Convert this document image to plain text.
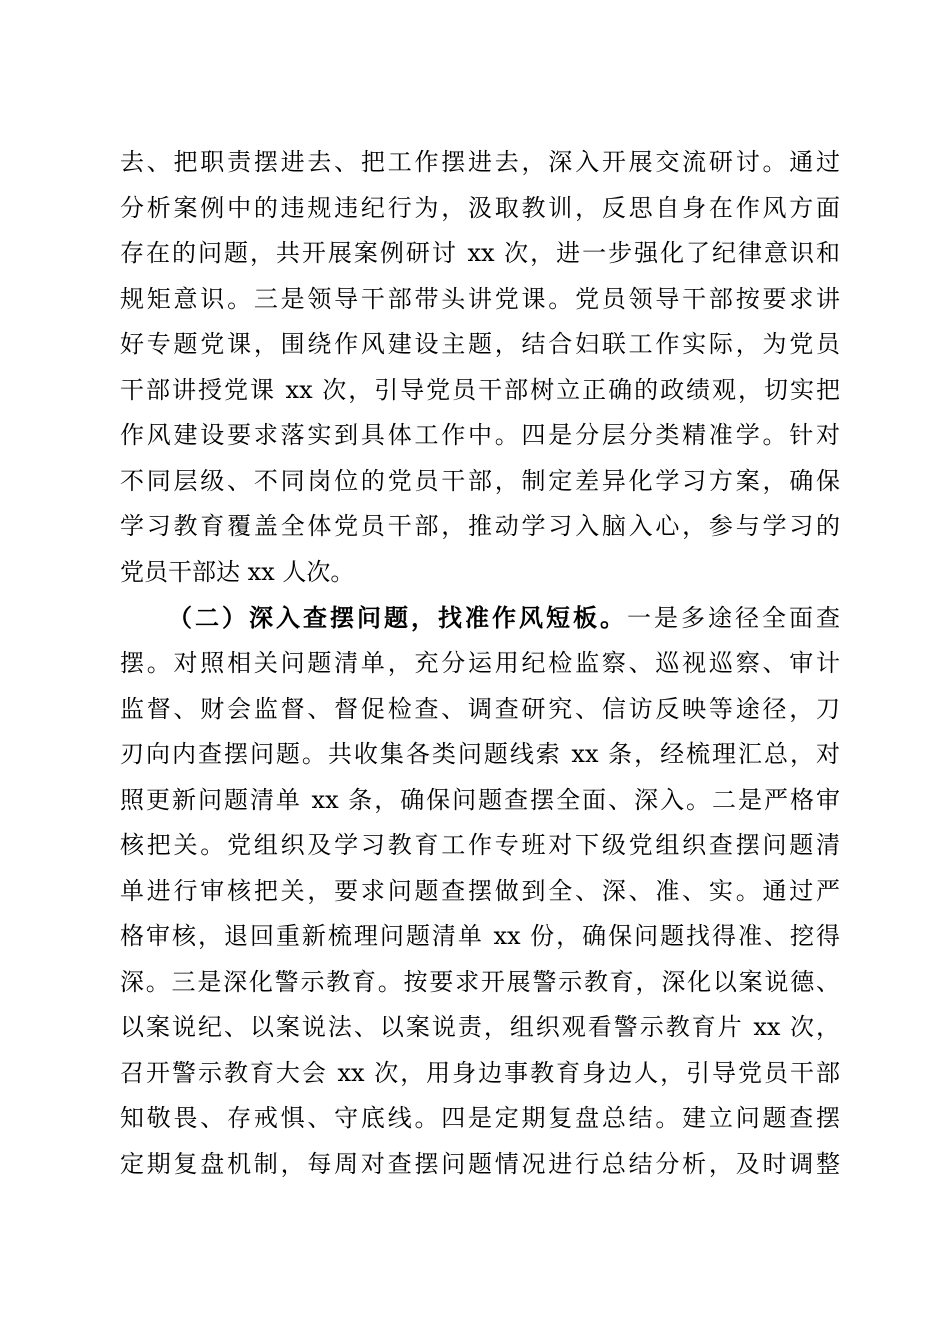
去、把职责摆进去、把工作摆进去，深入开展交流研讨。通过
分析案例中的违规违纪行为，汲取教训，反思自身在作风方面
存在的问题，共开展案例研讨 xx 次，进一步强化了纪律意识和
规矩意识。三是领导干部带头讲党课。党员领导干部按要求讲
好专题党课，围绕作风建设主题，结合妇联工作实际，为党员
干部讲授党课 xx 次，引导党员干部树立正确的政绩观，切实把
作风建设要求落实到具体工作中。四是分层分类精准学。针对
不同层级、不同岗位的党员干部，制定差异化学习方案，确保
学习教育覆盖全体党员干部，推动学习入脑入心，参与学习的
党员干部达 xx 人次。
（二）深入查摆问题，找准作风短板。一是多途径全面查
摆。对照相关问题清单，充分运用纪检监察、巡视巡察、审计
监督、财会监督、督促检查、调查研究、信访反映等途径，刀
刃向内查摆问题。共收集各类问题线索 xx 条，经梳理汇总，对
照更新问题清单 xx 条，确保问题查摆全面、深入。二是严格审
核把关。党组织及学习教育工作专班对下级党组织查摆问题清
单进行审核把关，要求问题查摆做到全、深、准、实。通过严
格审核，退回重新梳理问题清单 xx 份，确保问题找得准、挖得
深。三是深化警示教育。按要求开展警示教育，深化以案说德、
以案说纪、以案说法、以案说责，组织观看警示教育片 xx 次，
召开警示教育大会 xx 次，用身边事教育身边人，引导党员干部
知敬畏、存戒惧、守底线。四是定期复盘总结。建立问题查摆
定期复盘机制，每周对查摆问题情况进行总结分析，及时调整
